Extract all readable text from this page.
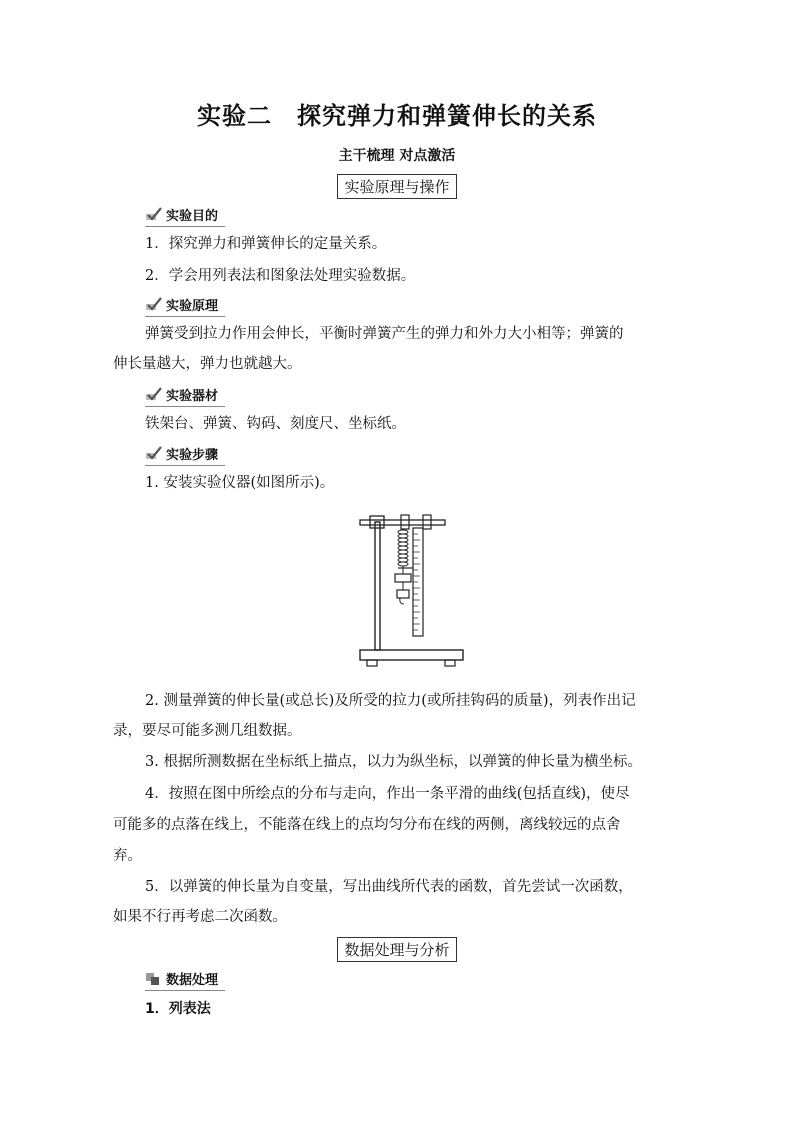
实验二　探究弹力和弹簧伸长的关系
主干梳理 对点激活
实验原理与操作
实验目的
1．探究弹力和弹簧伸长的定量关系。
2．学会用列表法和图象法处理实验数据。
实验原理
弹簧受到拉力作用会伸长，平衡时弹簧产生的弹力和外力大小相等；弹簧的
伸长量越大，弹力也就越大。
实验器材
铁架台、弹簧、钩码、刻度尺、坐标纸。
实验步骤
1. 安装实验仪器(如图所示)。
2. 测量弹簧的伸长量(或总长)及所受的拉力(或所挂钩码的质量)，列表作出记
录，要尽可能多测几组数据。
3. 根据所测数据在坐标纸上描点，以力为纵坐标，以弹簧的伸长量为横坐标。
4．按照在图中所绘点的分布与走向，作出一条平滑的曲线(包括直线)，使尽
可能多的点落在线上，不能落在线上的点均匀分布在线的两侧，离线较远的点舍
弃。
5．以弹簧的伸长量为自变量，写出曲线所代表的函数，首先尝试一次函数，
如果不行再考虑二次函数。
数据处理与分析
数据处理
1．列表法
